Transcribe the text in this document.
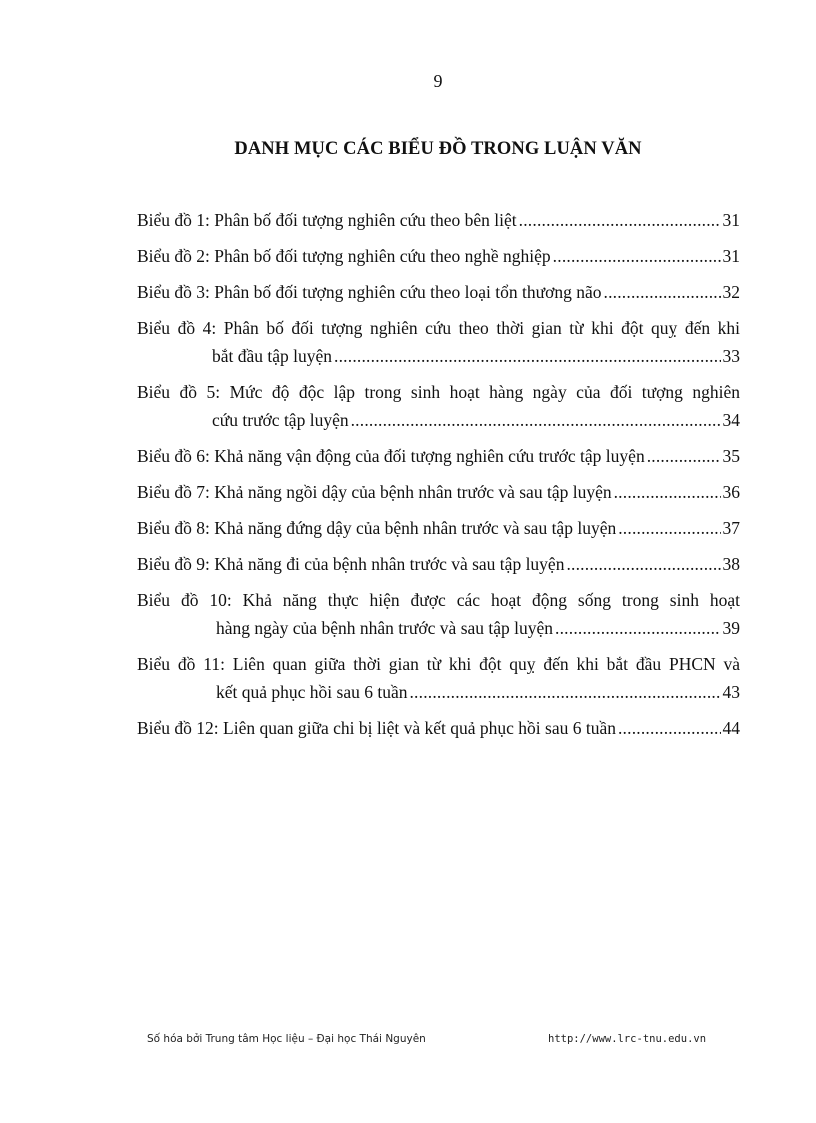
9
DANH MỤC CÁC BIỂU ĐỒ TRONG LUẬN VĂN
Biểu đồ 1: Phân bố đối tượng nghiên cứu theo bên liệt .....	31
Biểu đồ 2: Phân bố đối tượng nghiên cứu theo nghề nghiệp .....	31
Biểu đồ 3: Phân bố đối tượng nghiên cứu theo loại tổn thương não .....	32
Biểu đồ 4: Phân bố đối tượng nghiên cứu theo thời gian từ khi đột quỵ đến khi
bắt đầu tập luyện .....	33
Biểu đồ 5: Mức độ độc lập trong sinh hoạt hàng ngày của đối tượng nghiên
cứu trước tập luyện .....	34
Biểu đồ 6: Khả năng vận động của đối tượng nghiên cứu trước tập luyện .....	35
Biểu đồ 7: Khả năng ngồi dậy của bệnh nhân trước và sau tập luyện .....	36
Biểu đồ 8: Khả năng đứng dậy của bệnh nhân trước và sau tập luyện .....	37
Biểu đồ 9: Khả năng đi của bệnh nhân trước và sau tập luyện .....	38
Biểu đồ 10: Khả năng thực hiện được các hoạt động sống trong sinh hoạt
hàng ngày của bệnh nhân trước và sau tập luyện .....	39
Biểu đồ 11: Liên quan giữa thời gian từ khi đột quỵ đến khi bắt đầu PHCN và
kết quả phục hồi sau 6 tuần .....	43
Biểu đồ 12: Liên quan giữa chi bị liệt và kết quả phục hồi sau 6 tuần .....	44
Số hóa bởi Trung tâm Học liệu – Đại học Thái Nguyên	http://www.lrc-tnu.edu.vn
